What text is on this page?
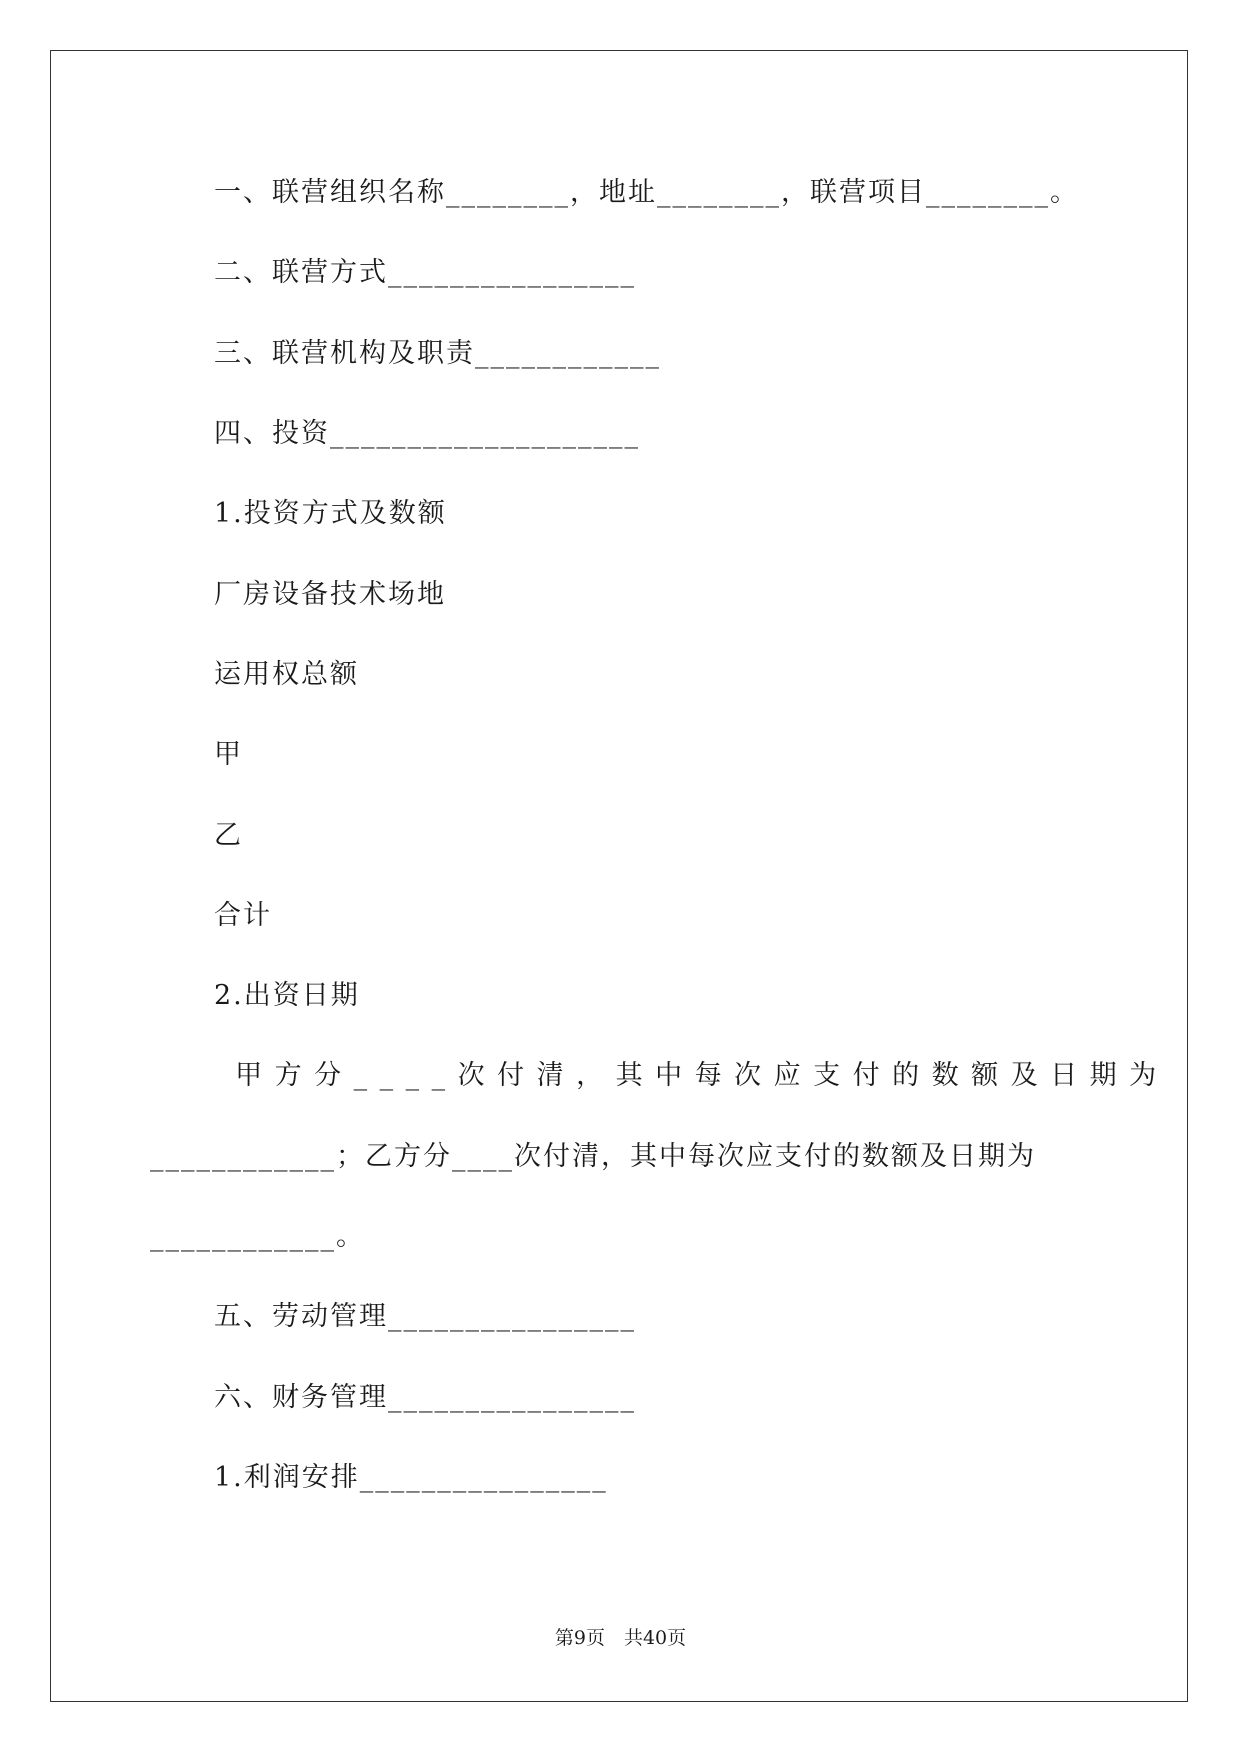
一、联营组织名称________，地址________，联营项目________。
二、联营方式________________
三、联营机构及职责____________
四、投资____________________
1.投资方式及数额
厂房设备技术场地
运用权总额
甲
乙
合计
2.出资日期
甲方分____次付清，其中每次应支付的数额及日期为
____________；乙方分____次付清，其中每次应支付的数额及日期为
____________。
五、劳动管理________________
六、财务管理________________
1.利润安排________________
第9页　共40页
